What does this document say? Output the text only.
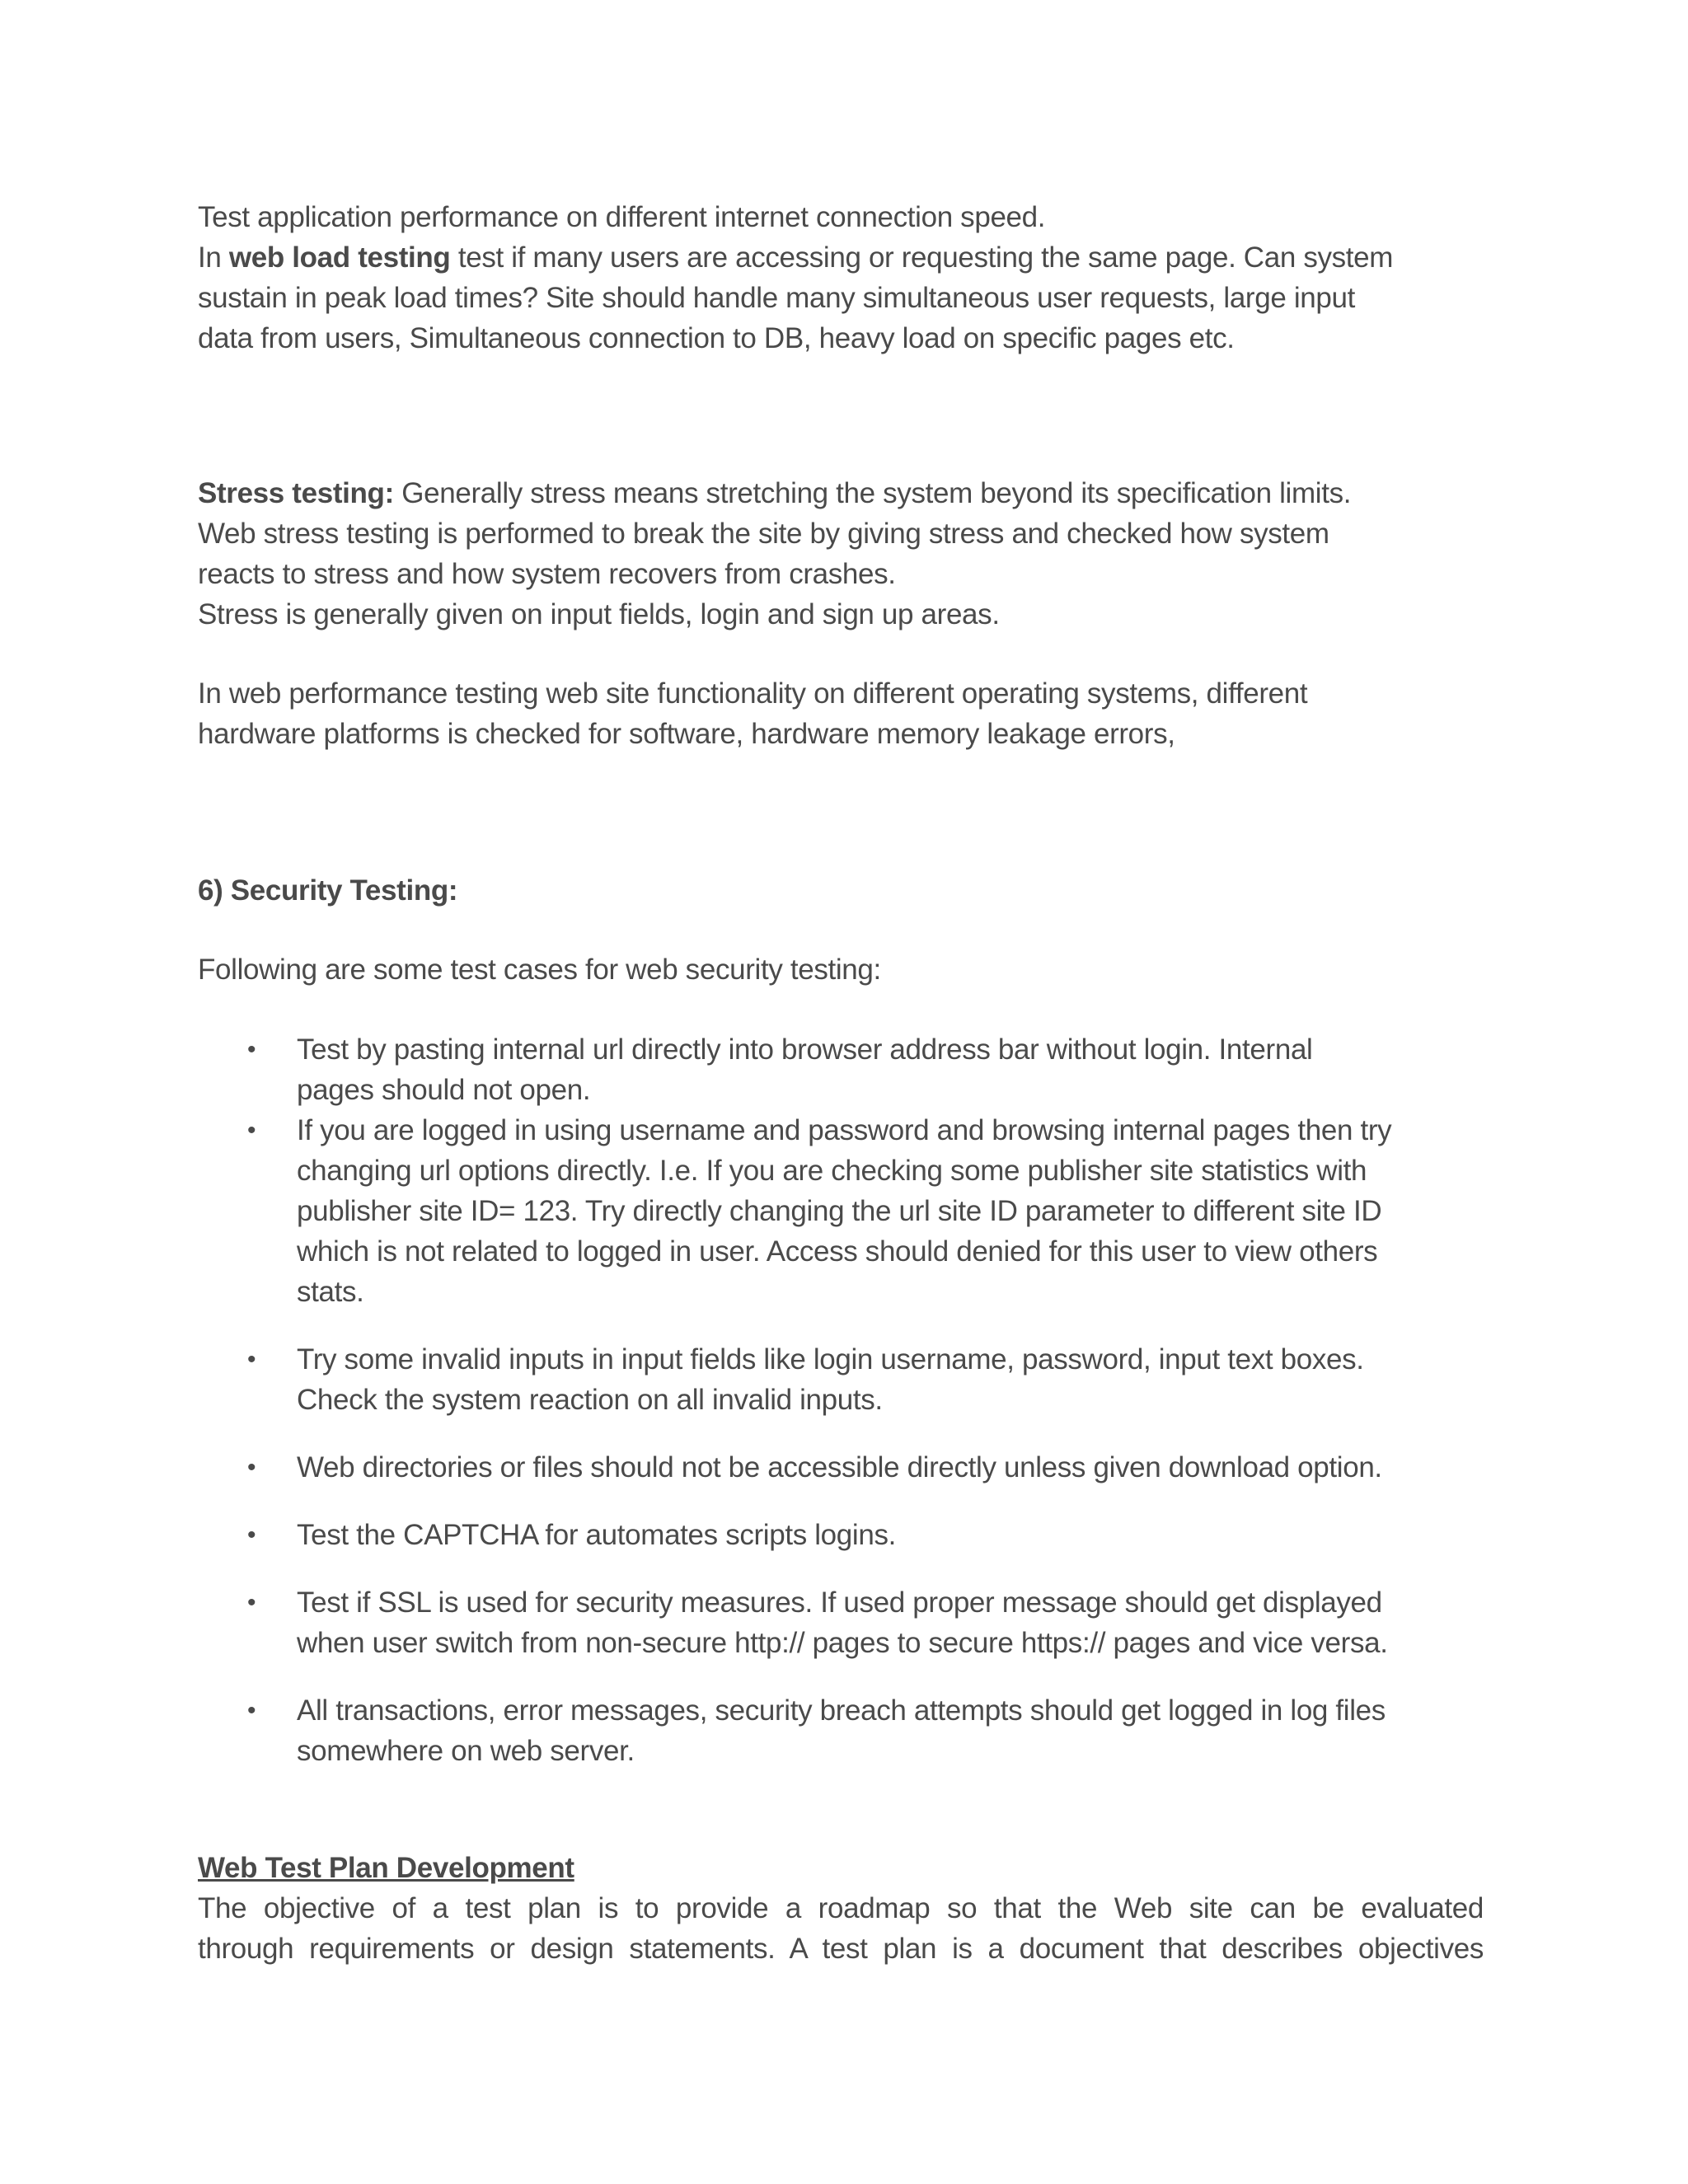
Test application performance on different internet connection speed.
In web load testing test if many users are accessing or requesting the same page. Can system
sustain in peak load times? Site should handle many simultaneous user requests, large input
data from users, Simultaneous connection to DB, heavy load on specific pages etc.
Stress testing: Generally stress means stretching the system beyond its specification limits.
Web stress testing is performed to break the site by giving stress and checked how system
reacts to stress and how system recovers from crashes.
Stress is generally given on input fields, login and sign up areas.
In web performance testing web site functionality on different operating systems, different
hardware platforms is checked for software, hardware memory leakage errors,
6) Security Testing:
Following are some test cases for web security testing:
• Test by pasting internal url directly into browser address bar without login. Internal
pages should not open.
• If you are logged in using username and password and browsing internal pages then try
changing url options directly. I.e. If you are checking some publisher site statistics with
publisher site ID= 123. Try directly changing the url site ID parameter to different site ID
which is not related to logged in user. Access should denied for this user to view others
stats.
• Try some invalid inputs in input fields like login username, password, input text boxes.
Check the system reaction on all invalid inputs.
• Web directories or files should not be accessible directly unless given download option.
• Test the CAPTCHA for automates scripts logins.
• Test if SSL is used for security measures. If used proper message should get displayed
when user switch from non-secure http:// pages to secure https:// pages and vice versa.
• All transactions, error messages, security breach attempts should get logged in log files
somewhere on web server.
Web Test Plan Development
The objective of a test plan is to provide a roadmap so that the Web site can be evaluated
through requirements or design statements. A test plan is a document that describes objectives
